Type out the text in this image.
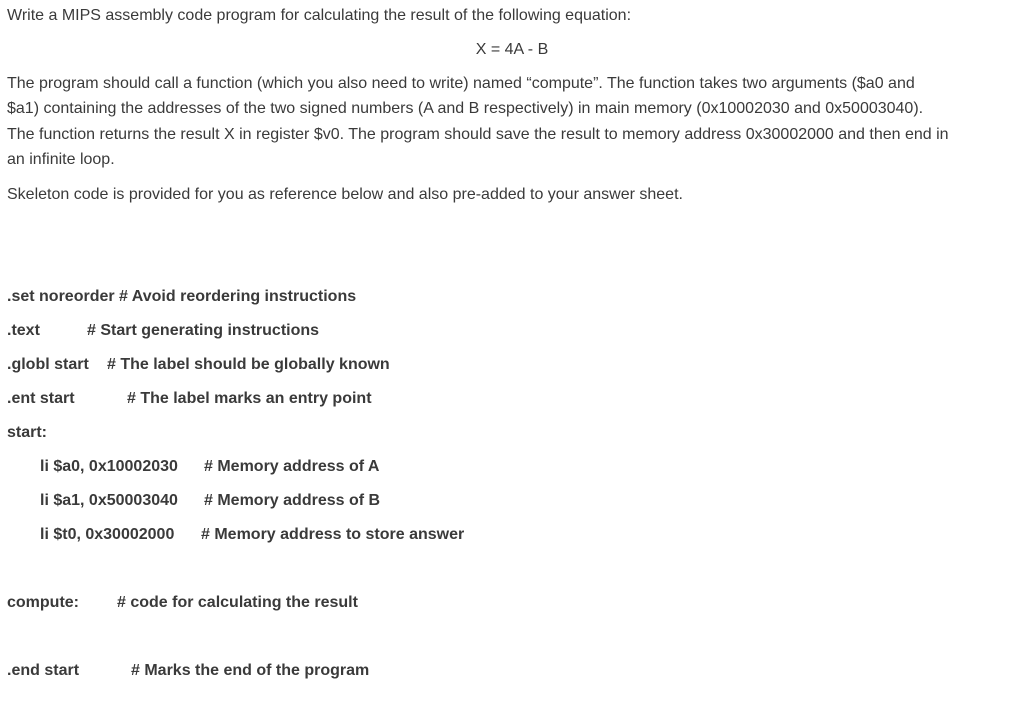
Write a MIPS assembly code program for calculating the result of the following equation:
X = 4A - B
The program should call a function (which you also need to write) named “compute”. The function takes two arguments ($a0 and
$a1) containing the addresses of the two signed numbers (A and B respectively) in main memory (0x10002030 and 0x50003040).
The function returns the result X in register $v0. The program should save the result to memory address 0x30002000 and then end in
an infinite loop.
Skeleton code is provided for you as reference below and also pre-added to your answer sheet.
.set noreorder # Avoid reordering instructions
.text	# Start generating instructions
.globl start # The label should be globally known
.ent start	# The label marks an entry point
start:
li $a0, 0x10002030 # Memory address of A
li $a1, 0x50003040 # Memory address of B
li $t0, 0x30002000 # Memory address to store answer
compute: # code for calculating the result
.end start	# Marks the end of the program
